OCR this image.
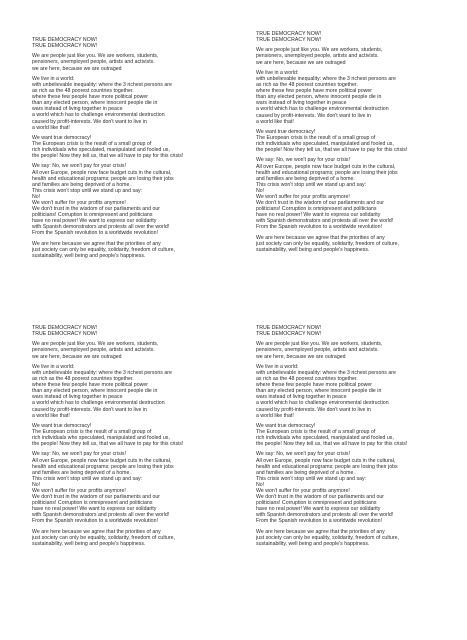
TRUE DEMOCRACY NOW!
TRUE DEMOCRACY NOW!

We are people just like you. We are workers, students,
pensioners, unemployed people, artists and activists.
we are here, because we are outraged

We live in a world:
with unbelievable inequality: where the 3 richest persons are
as rich as the 48 poorest countries together.
where these few people have more political power
than any elected person, where innocent people die in
wars instead of living together in peace
a world which has to challenge environmental destruction
caused by profit-interests. We don't want to live in
a world like that!

We want true democracy!
The European crisis is the result of a small group of
rich individuals who speculated, manipulated and fooled us,
the people! Now they tell us, that we all have to pay for this crisis!

We say: No, we won't pay for your crisis!
All over Europe, people now face budget cuts in the cultural,
health and educational programs; people are losing their jobs
and families are being deprived of a home.
This crisis won't stop until we stand up and say:
No!
We won't suffer for your profits anymore!
We don't trust in the wisdom of our parliaments and our
politicians! Corruption is omnipresent and politicians
have no real power! We want to express our solidarity
with Spanish demonstrators and protests all over the world!
From the Spanish revolution to a worldwide revolution!

We are here because we agree that the priorities of any
just society can only be equality, solidarity, freedom of culture,
sustainability, well being and people's happiness.

TRUE DEMOCRACY NOW!
TRUE DEMOCRACY NOW!

We are people just like you. We are workers, students,
pensioners, unemployed people, artists and activists.
we are here, because we are outraged

We live in a world:
with unbelievable inequality: where the 3 richest persons are
as rich as the 48 poorest countries together.
where these few people have more political power
than any elected person, where innocent people die in
wars instead of living together in peace
a world which has to challenge environmental destruction
caused by profit-interests. We don't want to live in
a world like that!

We want true democracy!
The European crisis is the result of a small group of
rich individuals who speculated, manipulated and fooled us,
the people! Now they tell us, that we all have to pay for this crisis!

We say: No, we won't pay for your crisis!
All over Europe, people now face budget cuts in the cultural,
health and educational programs; people are losing their jobs
and families are being deprived of a home.
This crisis won't stop until we stand up and say:
No!
We won't suffer for your profits anymore!
We don't trust in the wisdom of our parliaments and our
politicians! Corruption is omnipresent and politicians
have no real power! We want to express our solidarity
with Spanish demonstrators and protests all over the world!
From the Spanish revolution to a worldwide revolution!

We are here because we agree that the priorities of any
just society can only be equality, solidarity, freedom of culture,
sustainability, well being and people's happiness.

TRUE DEMOCRACY NOW!
TRUE DEMOCRACY NOW!

We are people just like you. We are workers, students,
pensioners, unemployed people, artists and activists.
we are here, because we are outraged

We live in a world:
with unbelievable inequality: where the 3 richest persons are
as rich as the 48 poorest countries together.
where these few people have more political power
than any elected person, where innocent people die in
wars instead of living together in peace
a world which has to challenge environmental destruction
caused by profit-interests. We don't want to live in
a world like that!

We want true democracy!
The European crisis is the result of a small group of
rich individuals who speculated, manipulated and fooled us,
the people! Now they tell us, that we all have to pay for this crisis!

We say: No, we won't pay for your crisis!
All over Europe, people now face budget cuts in the cultural,
health and educational programs; people are losing their jobs
and families are being deprived of a home.
This crisis won't stop until we stand up and say:
No!
We won't suffer for your profits anymore!
We don't trust in the wisdom of our parliaments and our
politicians! Corruption is omnipresent and politicians
have no real power! We want to express our solidarity
with Spanish demonstrators and protests all over the world!
From the Spanish revolution to a worldwide revolution!

We are here because we agree that the priorities of any
just society can only be equality, solidarity, freedom of culture,
sustainability, well being and people's happiness.

TRUE DEMOCRACY NOW!
TRUE DEMOCRACY NOW!

We are people just like you. We are workers, students,
pensioners, unemployed people, artists and activists.
we are here, because we are outraged

We live in a world:
with unbelievable inequality: where the 3 richest persons are
as rich as the 48 poorest countries together.
where these few people have more political power
than any elected person, where innocent people die in
wars instead of living together in peace
a world which has to challenge environmental destruction
caused by profit-interests. We don't want to live in
a world like that!

We want true democracy!
The European crisis is the result of a small group of
rich individuals who speculated, manipulated and fooled us,
the people! Now they tell us, that we all have to pay for this crisis!

We say: No, we won't pay for your crisis!
All over Europe, people now face budget cuts in the cultural,
health and educational programs; people are losing their jobs
and families are being deprived of a home.
This crisis won't stop until we stand up and say:
No!
We won't suffer for your profits anymore!
We don't trust in the wisdom of our parliaments and our
politicians! Corruption is omnipresent and politicians
have no real power! We want to express our solidarity
with Spanish demonstrators and protests all over the world!
From the Spanish revolution to a worldwide revolution!

We are here because we agree that the priorities of any
just society can only be equality, solidarity, freedom of culture,
sustainability, well being and people's happiness.
